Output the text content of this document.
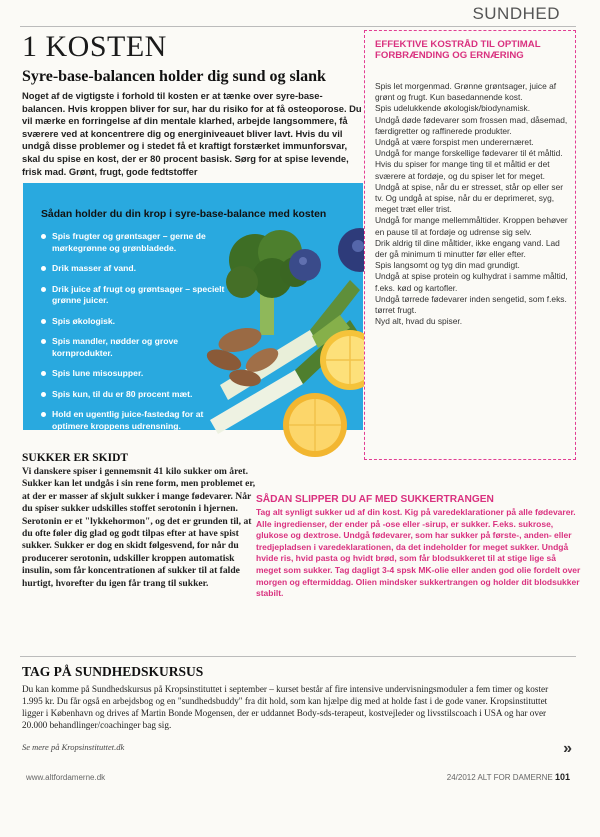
SUNDHED
1 KOSTEN
Syre-base-balancen holder dig sund og slank
Noget af de vigtigste i forhold til kosten er at tænke over syre-base-balancen. Hvis kroppen bliver for sur, har du risiko for at få osteoporose. Du vil mærke en forringelse af din mentale klarhed, arbejde langsommere, få sværere ved at koncentrere dig og energiniveauet bliver lavt. Hvis du vil undgå disse problemer og i stedet få et kraftigt forstærket immunforsvar, skal du spise en kost, der er 80 procent basisk. Sørg for at spise levende, frisk mad. Grønt, frugt, gode fedtstoffer
Sådan holder du din krop i syre-base-balance med kosten
Spis frugter og grøntsager – gerne de mørkegrønne og grønbladede.
Drik masser af vand.
Drik juice af frugt og grøntsager – specielt grønne juicer.
Spis økologisk.
Spis mandler, nødder og grove kornprodukter.
Spis lune misosupper.
Spis kun, til du er 80 procent mæt.
Hold en ugentlig juice-fastedag for at optimere kroppens udrensning.
EFFEKTIVE KOSTRÅD TIL OPTIMAL FORBRÆNDING OG ERNÆRING
Spis let morgenmad. Grønne grøntsager, juice af grønt og frugt. Kun basedannende kost.
Spis udelukkende økologisk/biodynamisk.
Undgå døde fødevarer som frossen mad, dåsemad, færdigretter og raffinerede produkter.
Undgå at være forspist men underernæret.
Undgå for mange forskellige fødevarer til ét måltid. Hvis du spiser for mange ting til et måltid er det sværere at fordøje, og du spiser let for meget.
Undgå at spise, når du er stresset, står op eller ser tv. Og undgå at spise, når du er deprimeret, syg, meget træt eller trist.
Undgå for mange mellemmåltider. Kroppen behøver en pause til at fordøje og udrense sig selv.
Drik aldrig til dine måltider, ikke engang vand. Lad der gå minimum ti minutter før eller efter.
Spis langsomt og tyg din mad grundigt.
Undgå at spise protein og kulhydrat i samme måltid, f.eks. kød og kartofler.
Undgå tørrede fødevarer inden sengetid, som f.eks. tørret frugt.
Nyd alt, hvad du spiser.
SUKKER ER SKIDT
Vi danskere spiser i gennemsnit 41 kilo sukker om året. Sukker kan let undgås i sin rene form, men problemet er, at der er masser af skjult sukker i mange fødevarer. Når du spiser sukker udskilles stoffet serotonin i hjernen. Serotonin er et "lykkehormon", og det er grunden til, at du ofte føler dig glad og godt tilpas efter at have spist sukker. Sukker er dog en skidt følgesvend, for når du producerer serotonin, udskiller kroppen automatisk insulin, som får koncentrationen af sukker til at falde hurtigt, hvorefter du igen får trang til sukker.
SÅDAN SLIPPER DU AF MED SUKKERTRANGEN
Tag alt synligt sukker ud af din kost. Kig på varedeklarationer på alle fødevarer. Alle ingredienser, der ender på -ose eller -sirup, er sukker. F.eks. sukrose, glukose og dextrose. Undgå fødevarer, som har sukker på første-, anden- eller tredjepladsen i varedeklarationen, da det indeholder for meget sukker. Undgå hvide ris, hvid pasta og hvidt brød, som får blodsukkeret til at stige lige så meget som sukker. Tag dagligt 3-4 spsk MK-olie eller anden god olie fordelt over morgen og eftermiddag. Olien mindsker sukkertrangen og holder dit blodsukker stabilt.
TAG PÅ SUNDHEDSKURSUS
Du kan komme på Sundhedskursus på Kropsinstituttet i september – kurset består af fire intensive undervisningsmoduler a fem timer og koster 1.995 kr. Du får også en arbejdsbog og en "sundhedsbuddy" fra dit hold, som kan hjælpe dig med at holde fast i de gode vaner. Kropsinstituttet ligger i København og drives af Martin Bonde Mogensen, der er uddannet Body-sds-terapeut, kostvejleder og livsstilscoach i USA og har over 20.000 behandlinger/coachinger bag sig.
Se mere på Kropsinstituttet.dk	»
www.altfordamerne.dk	24/2012 ALT FOR DAMERNE 101
